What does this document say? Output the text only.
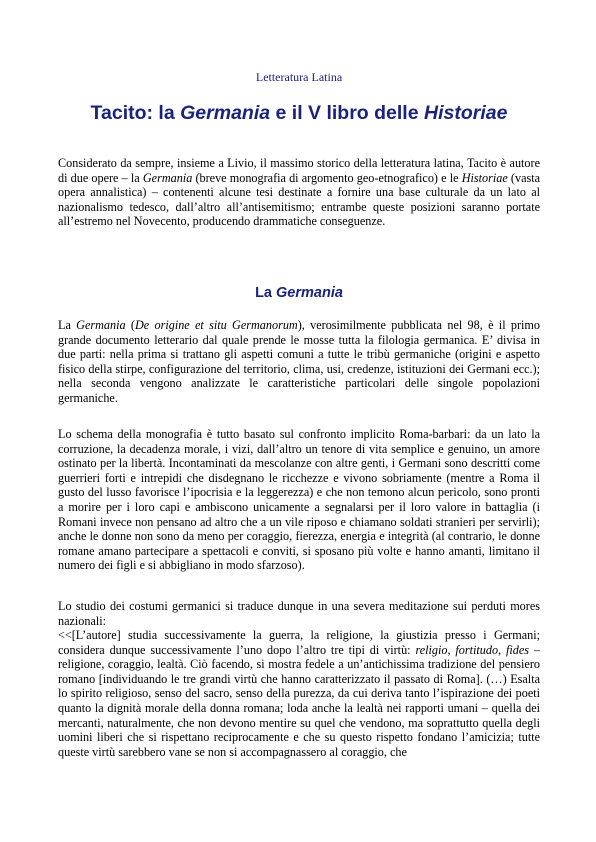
Letteratura Latina
Tacito: la Germania e il V libro delle Historiae

Considerato da sempre, insieme a Livio, il massimo storico della letteratura latina, Tacito è autore di due opere – la Germania (breve monografia di argomento geo-etnografico) e le Historiae (vasta opera annalistica) – contenenti alcune tesi destinate a fornire una base culturale da un lato al nazionalismo tedesco, dall’altro all’antisemitismo; entrambe queste posizioni saranno portate all’estremo nel Novecento, producendo drammatiche conseguenze.

La Germania

La Germania (De origine et situ Germanorum), verosimilmente pubblicata nel 98, è il primo grande documento letterario dal quale prende le mosse tutta la filologia germanica. E’ divisa in due parti: nella prima si trattano gli aspetti comuni a tutte le tribù germaniche (origini e aspetto fisico della stirpe, configurazione del territorio, clima, usi, credenze, istituzioni dei Germani ecc.); nella seconda vengono analizzate le caratteristiche particolari delle singole popolazioni germaniche.

Lo schema della monografia è tutto basato sul confronto implicito Roma-barbari: da un lato la corruzione, la decadenza morale, i vizi, dall’altro un tenore di vita semplice e genuino, un amore ostinato per la libertà. Incontaminati da mescolanze con altre genti, i Germani sono descritti come guerrieri forti e intrepidi che disdegnano le ricchezze e vivono sobriamente (mentre a Roma il gusto del lusso favorisce l’ipocrisia e la leggerezza) e che non temono alcun pericolo, sono pronti a morire per i loro capi e ambiscono unicamente a segnalarsi per il loro valore in battaglia (i Romani invece non pensano ad altro che a un vile riposo e chiamano soldati stranieri per servirli); anche le donne non sono da meno per coraggio, fierezza, energia e integrità (al contrario, le donne romane amano partecipare a spettacoli e conviti, si sposano più volte e hanno amanti, limitano il numero dei figli e si abbigliano in modo sfarzoso).

Lo studio dei costumi germanici si traduce dunque in una severa meditazione sui perduti mores nazionali:

<<[L’autore] studia successivamente la guerra, la religione, la giustizia presso i Germani; considera dunque successivamente l’uno dopo l’altro tre tipi di virtù: religio, fortitudo, fides – religione, coraggio, lealtà. Ciò facendo, si mostra fedele a un’antichissima tradizione del pensiero romano [individuando le tre grandi virtù che hanno caratterizzato il passato di Roma]. (…) Esalta lo spirito religioso, senso del sacro, senso della purezza, da cui deriva tanto l’ispirazione dei poeti quanto la dignità morale della donna romana; loda anche la lealtà nei rapporti umani – quella dei mercanti, naturalmente, che non devono mentire su quel che vendono, ma soprattutto quella degli uomini liberi che si rispettano reciprocamente e che su questo rispetto fondano l’amicizia; tutte queste virtù sarebbero vane se non si accompagnassero al coraggio, che
